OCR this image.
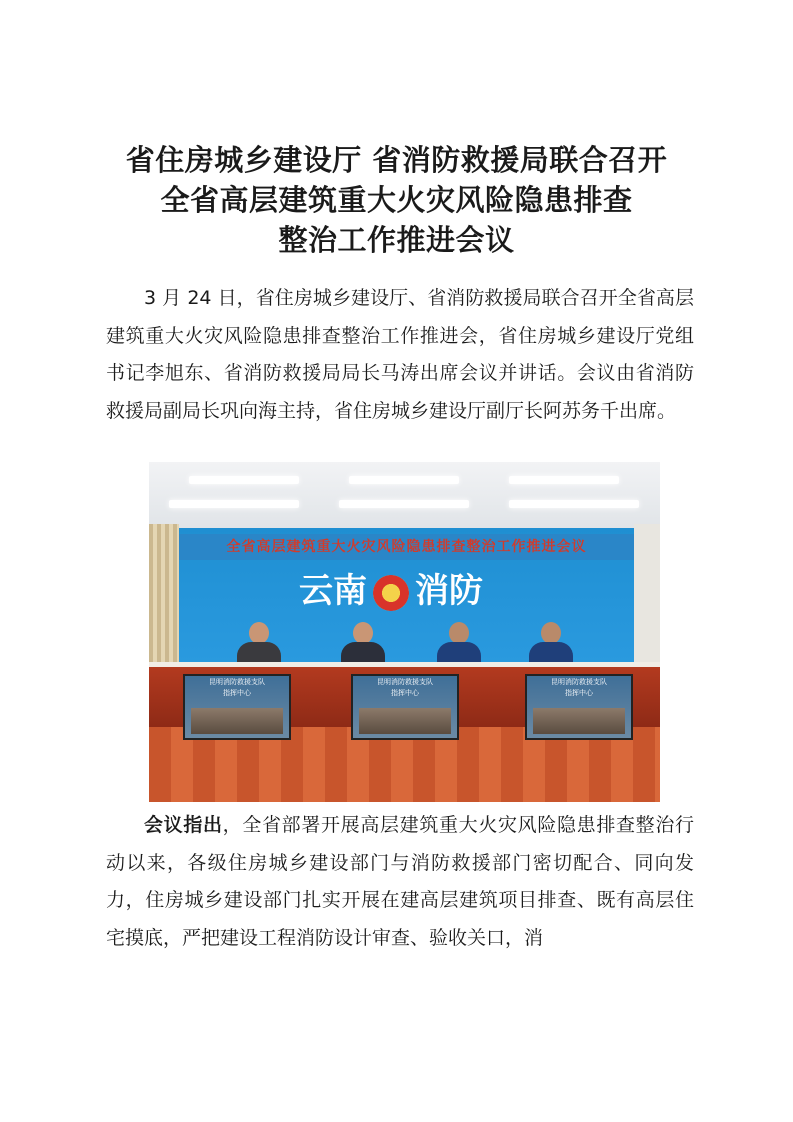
省住房城乡建设厅 省消防救援局联合召开
全省高层建筑重大火灾风险隐患排查
整治工作推进会议

3 月 24 日，省住房城乡建设厅、省消防救援局联合召开全省高层建筑重大火灾风险隐患排查整治工作推进会，省住房城乡建设厅党组书记李旭东、省消防救援局局长马涛出席会议并讲话。会议由省消防救援局副局长巩向海主持，省住房城乡建设厅副厅长阿苏务千出席。

全省高层建筑重大火灾风险隐患排查整治工作推进会议
云南 消防
昆明消防救援支队
指挥中心
昆明消防救援支队
指挥中心
昆明消防救援支队
指挥中心

会议指出，全省部署开展高层建筑重大火灾风险隐患排查整治行动以来，各级住房城乡建设部门与消防救援部门密切配合、同向发力，住房城乡建设部门扎实开展在建高层建筑项目排查、既有高层住宅摸底，严把建设工程消防设计审查、验收关口，消
